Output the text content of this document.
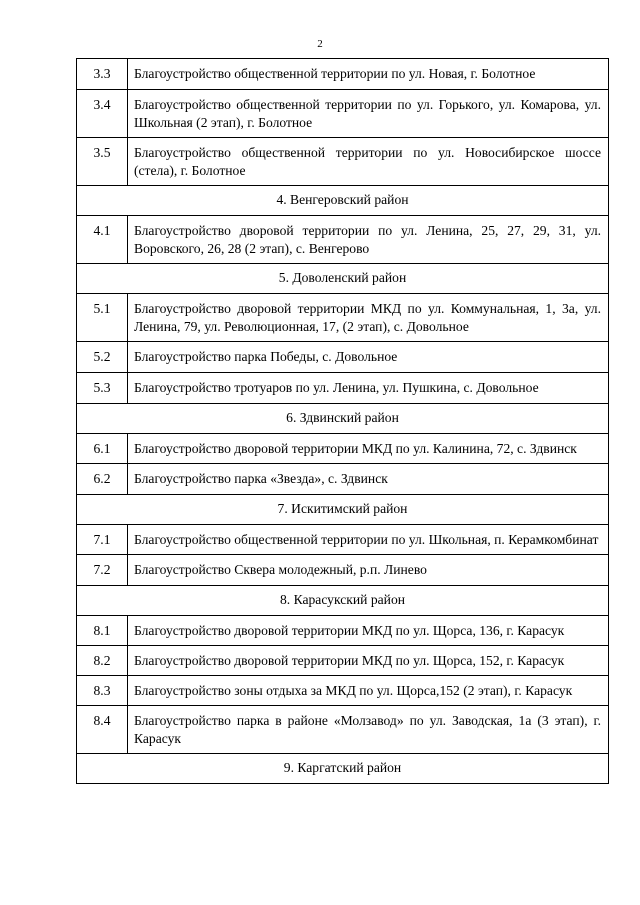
2
3.3	Благоустройство общественной территории по ул. Новая, г. Болотное
3.4	Благоустройство общественной территории по ул. Горького, ул. Комарова, ул. Школьная (2 этап), г. Болотное
3.5	Благоустройство общественной территории по ул. Новосибирское шоссе (стела), г. Болотное
4. Венгеровский район	
4.1	Благоустройство дворовой территории по ул. Ленина, 25, 27, 29, 31, ул. Воровского, 26, 28 (2 этап), с. Венгерово
5. Доволенский район	
5.1	Благоустройство дворовой территории МКД по ул. Коммунальная, 1, 3а, ул. Ленина, 79, ул. Революционная, 17, (2 этап), с. Довольное
5.2	Благоустройство парка Победы, с. Довольное
5.3	Благоустройство тротуаров по ул. Ленина, ул. Пушкина, с. Довольное
6. Здвинский район	
6.1	Благоустройство дворовой территории МКД по ул. Калинина, 72, с. Здвинск
6.2	Благоустройство парка «Звезда», с. Здвинск
7. Искитимский район	
7.1	Благоустройство общественной территории по ул. Школьная, п. Керамкомбинат
7.2	Благоустройство Сквера молодежный, р.п. Линево
8. Карасукский район	
8.1	Благоустройство дворовой территории МКД по ул. Щорса, 136, г. Карасук
8.2	Благоустройство дворовой территории МКД по ул. Щорса, 152, г. Карасук
8.3	Благоустройство зоны отдыха за МКД по ул. Щорса,152 (2 этап), г. Карасук
8.4	Благоустройство парка в районе «Молзавод» по ул. Заводская, 1а (3 этап), г. Карасук
9. Каргатский район	
